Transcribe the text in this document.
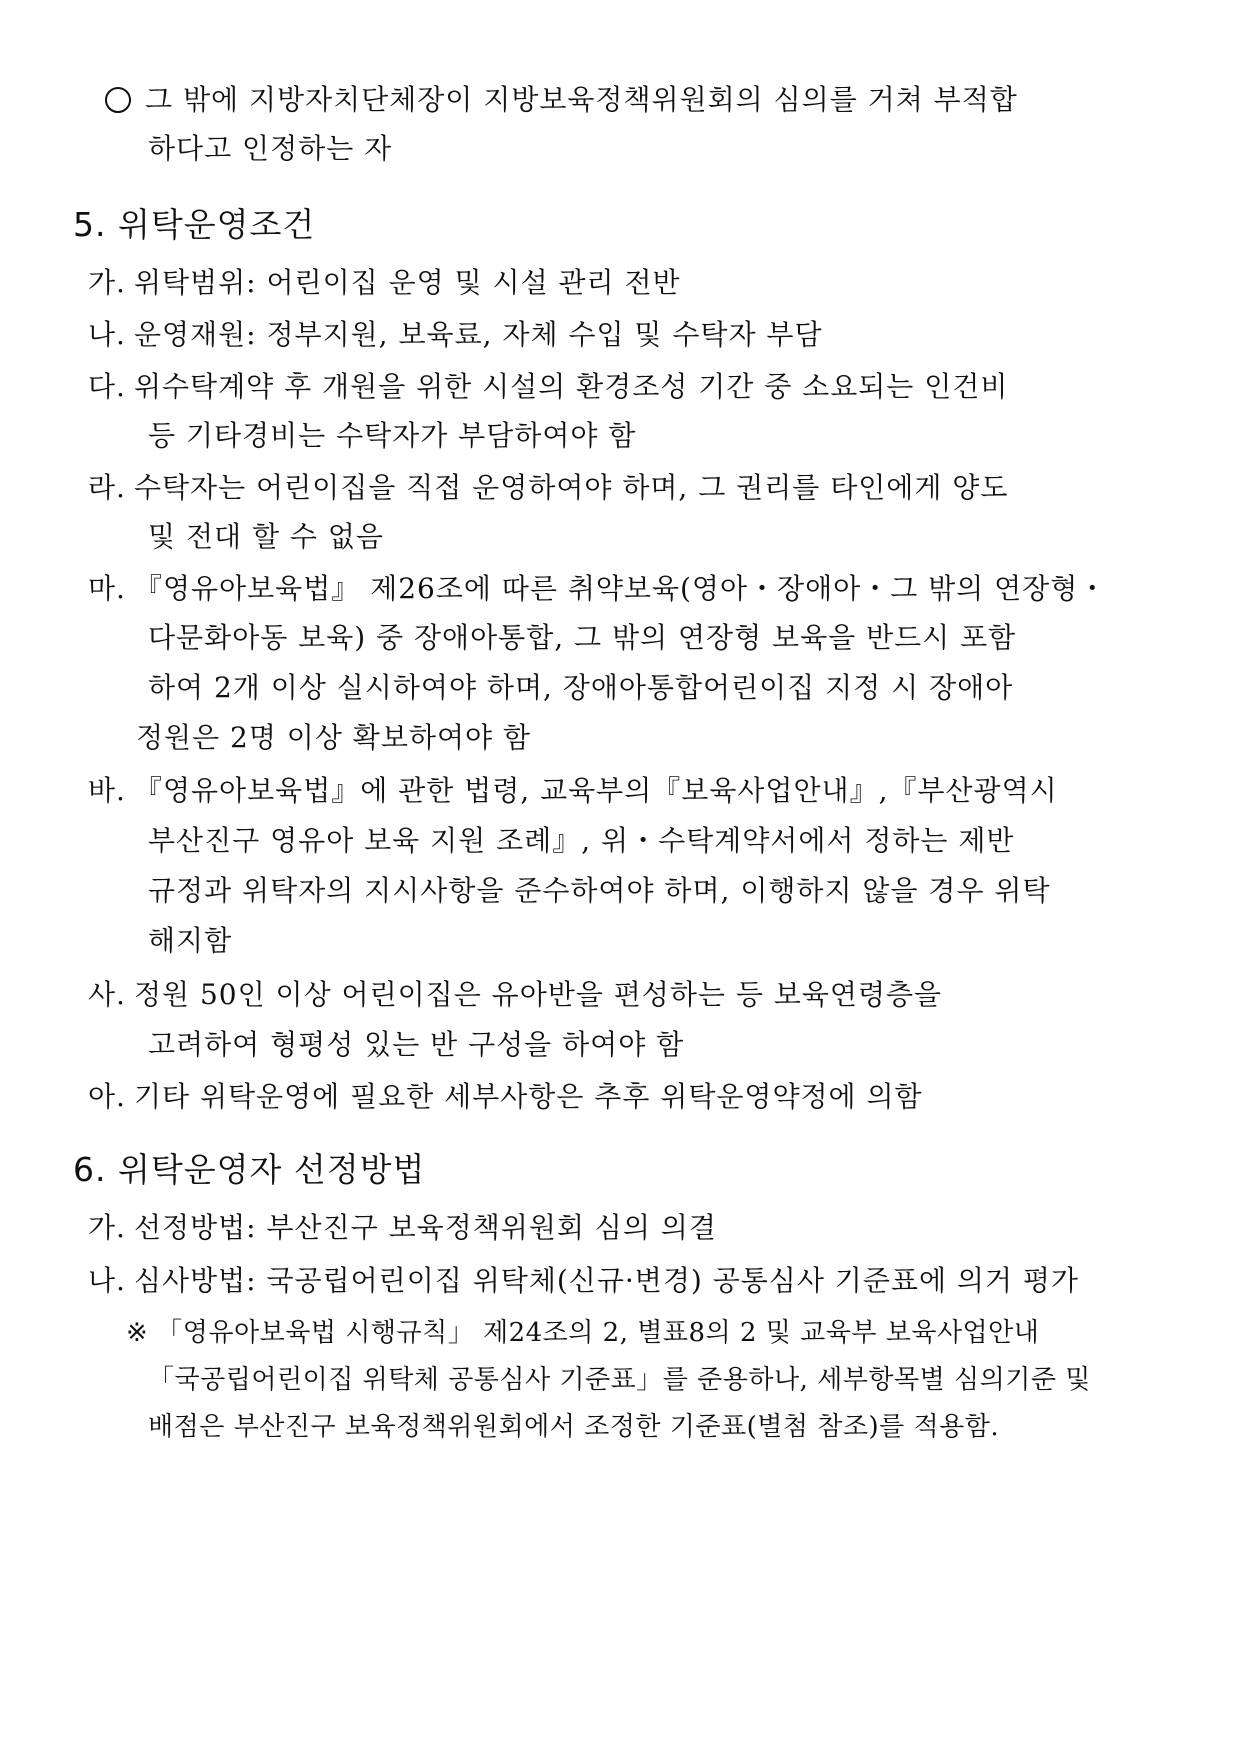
그 밖에 지방자치단체장이 지방보육정책위원회의 심의를 거쳐 부적합
하다고 인정하는 자
5. 위탁운영조건
가. 위탁범위: 어린이집 운영 및 시설 관리 전반
나. 운영재원: 정부지원, 보육료, 자체 수입 및 수탁자 부담
다. 위수탁계약 후 개원을 위한 시설의 환경조성 기간 중 소요되는 인건비
등 기타경비는 수탁자가 부담하여야 함
라. 수탁자는 어린이집을 직접 운영하여야 하며, 그 권리를 타인에게 양도
및 전대 할 수 없음
마. 『영유아보육법』 제26조에 따른 취약보육(영아・장애아・그 밖의 연장형・
다문화아동 보육) 중 장애아통합, 그 밖의 연장형 보육을 반드시 포함
하여 2개 이상 실시하여야 하며, 장애아통합어린이집 지정 시 장애아
정원은 2명 이상 확보하여야 함
바. 『영유아보육법』에 관한 법령, 교육부의『보육사업안내』,『부산광역시
부산진구 영유아 보육 지원 조례』, 위・수탁계약서에서 정하는 제반
규정과 위탁자의 지시사항을 준수하여야 하며, 이행하지 않을 경우 위탁
해지함
사. 정원 50인 이상 어린이집은 유아반을 편성하는 등 보육연령층을
고려하여 형평성 있는 반 구성을 하여야 함
아. 기타 위탁운영에 필요한 세부사항은 추후 위탁운영약정에 의함
6. 위탁운영자 선정방법
가. 선정방법: 부산진구 보육정책위원회 심의 의결
나. 심사방법: 국공립어린이집 위탁체(신규·변경) 공통심사 기준표에 의거 평가
※ 「영유아보육법 시행규칙」 제24조의 2, 별표8의 2 및 교육부 보육사업안내
「국공립어린이집 위탁체 공통심사 기준표」를 준용하나, 세부항목별 심의기준 및
배점은 부산진구 보육정책위원회에서 조정한 기준표(별첨 참조)를 적용함.
